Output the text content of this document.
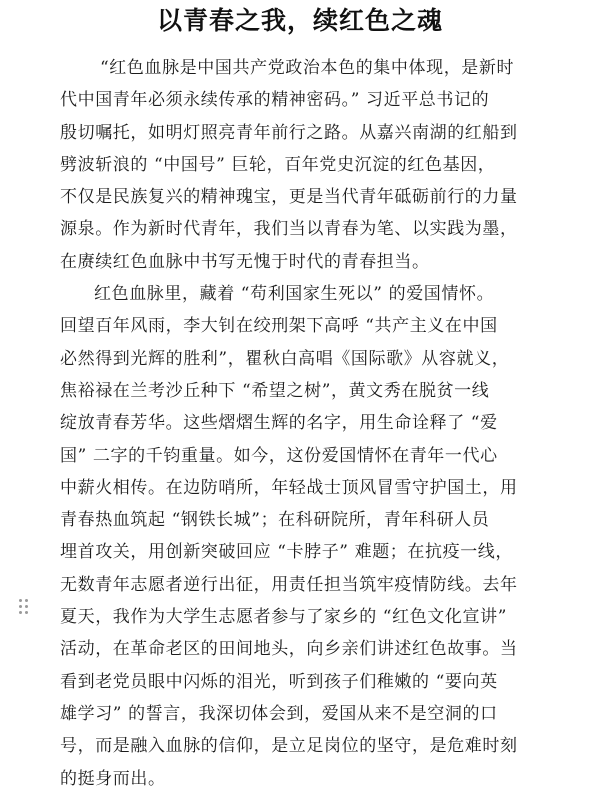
以青春之我，续红色之魂
“红色血脉是中国共产党政治本色的集中体现，是新时
代中国青年必须永续传承的精神密码。” 习近平总书记的
殷切嘱托，如明灯照亮青年前行之路。从嘉兴南湖的红船到
劈波斩浪的 “中国号” 巨轮，百年党史沉淀的红色基因，
不仅是民族复兴的精神瑰宝，更是当代青年砥砺前行的力量
源泉。作为新时代青年，我们当以青春为笔、以实践为墨，
在赓续红色血脉中书写无愧于时代的青春担当。
红色血脉里，藏着 “苟利国家生死以” 的爱国情怀。
回望百年风雨，李大钊在绞刑架下高呼 “共产主义在中国
必然得到光辉的胜利”，瞿秋白高唱《国际歌》从容就义，
焦裕禄在兰考沙丘种下 “希望之树”，黄文秀在脱贫一线
绽放青春芳华。这些熠熠生辉的名字，用生命诠释了 “爱
国” 二字的千钧重量。如今，这份爱国情怀在青年一代心
中薪火相传。在边防哨所，年轻战士顶风冒雪守护国土，用
青春热血筑起 “钢铁长城”；在科研院所，青年科研人员
埋首攻关，用创新突破回应 “卡脖子” 难题；在抗疫一线，
无数青年志愿者逆行出征，用责任担当筑牢疫情防线。去年
夏天，我作为大学生志愿者参与了家乡的 “红色文化宣讲”
活动，在革命老区的田间地头，向乡亲们讲述红色故事。当
看到老党员眼中闪烁的泪光，听到孩子们稚嫩的 “要向英
雄学习” 的誓言，我深切体会到，爱国从来不是空洞的口
号，而是融入血脉的信仰，是立足岗位的坚守，是危难时刻
的挺身而出。
